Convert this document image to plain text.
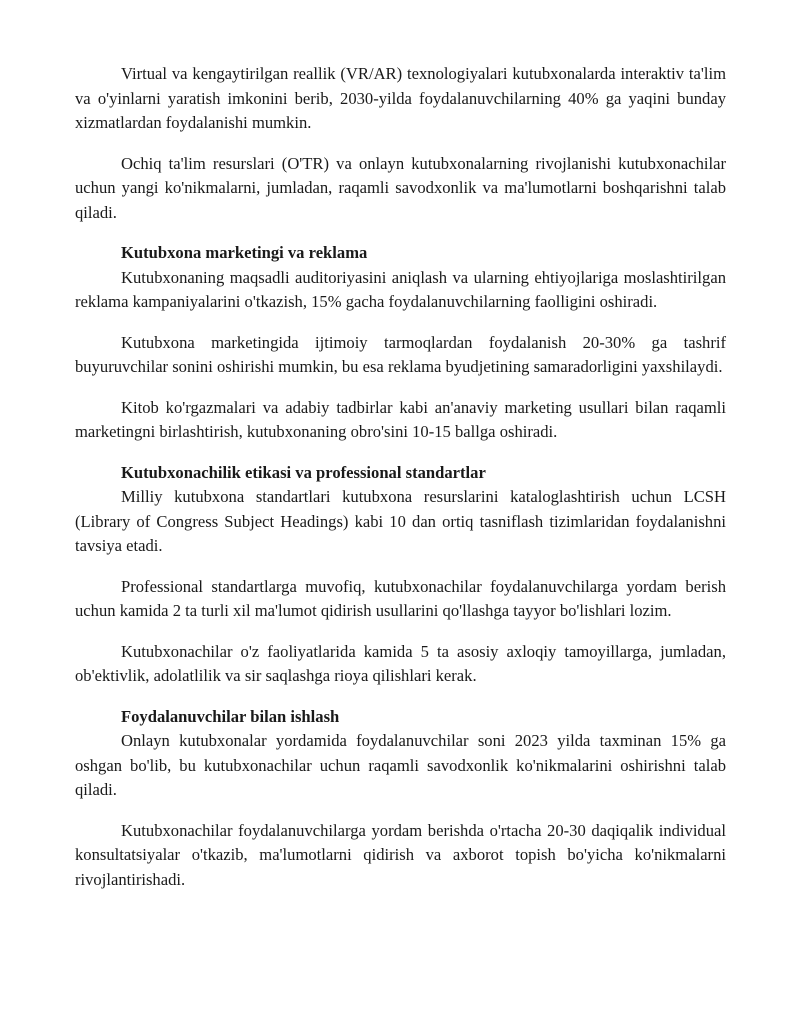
Virtual va kengaytirilgan reallik (VR/AR) texnologiyalari kutubxonalarda interaktiv ta'lim va o'yinlarni yaratish imkonini berib, 2030-yilda foydalanuvchilarning 40% ga yaqini bunday xizmatlardan foydalanishi mumkin.

Ochiq ta'lim resurslari (O'TR) va onlayn kutubxonalarning rivojlanishi kutubxonachilar uchun yangi ko'nikmalarni, jumladan, raqamli savodxonlik va ma'lumotlarni boshqarishni talab qiladi.

Kutubxona marketingi va reklama

Kutubxonaning maqsadli auditoriyasini aniqlash va ularning ehtiyojlariga moslashtirilgan reklama kampaniyalarini o'tkazish, 15% gacha foydalanuvchilarning faolligini oshiradi.

Kutubxona marketingida ijtimoiy tarmoqlardan foydalanish 20-30% ga tashrif buyuruvchilar sonini oshirishi mumkin, bu esa reklama byudjetining samaradorligini yaxshilaydi.

Kitob ko'rgazmalari va adabiy tadbirlar kabi an'anaviy marketing usullari bilan raqamli marketingni birlashtirish, kutubxonaning obro'sini 10-15 ballga oshiradi.

Kutubxonachilik etikasi va professional standartlar

Milliy kutubxona standartlari kutubxona resurslarini kataloglashtirish uchun LCSH (Library of Congress Subject Headings) kabi 10 dan ortiq tasniflash tizimlaridan foydalanishni tavsiya etadi.

Professional standartlarga muvofiq, kutubxonachilar foydalanuvchilarga yordam berish uchun kamida 2 ta turli xil ma'lumot qidirish usullarini qo'llashga tayyor bo'lishlari lozim.

Kutubxonachilar o'z faoliyatlarida kamida 5 ta asosiy axloqiy tamoyillarga, jumladan, ob'ektivlik, adolatlilik va sir saqlashga rioya qilishlari kerak.

Foydalanuvchilar bilan ishlash

Onlayn kutubxonalar yordamida foydalanuvchilar soni 2023 yilda taxminan 15% ga oshgan bo'lib, bu kutubxonachilar uchun raqamli savodxonlik ko'nikmalarini oshirishni talab qiladi.

Kutubxonachilar foydalanuvchilarga yordam berishda o'rtacha 20-30 daqiqalik individual konsultatsiyalar o'tkazib, ma'lumotlarni qidirish va axborot topish bo'yicha ko'nikmalarni rivojlantirishadi.
